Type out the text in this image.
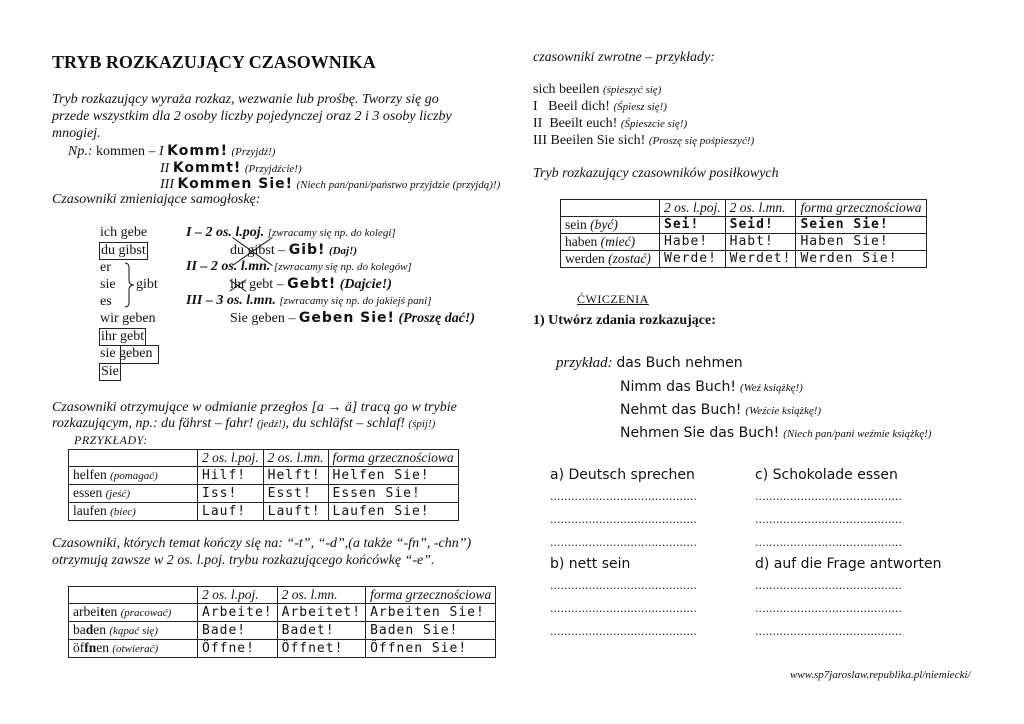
TRYB ROZKAZUJĄCY CZASOWNIKA
Tryb rozkazujący wyraża rozkaz, wezwanie lub prośbę. Tworzy się go
przede wszystkim dla 2 osoby liczby pojedynczej oraz 2 i 3 osoby liczby
mnogiej.
Np.: kommen – I Komm! (Przyjdź!)
II Kommt! (Przyjdźcie!)
III Kommen Sie! (Niech pan/pani/państwo przyjdzie (przyjdą)!)
Czasowniki zmieniające samogłoskę:
ich gebe
du gibst
er
sie
es
gibt
wir geben
ihr gebt
sie geben
Sie
I – 2 os. l.poj. [zwracamy się np. do kolegi]
du gibst – Gib! (Daj!)
II – 2 os. l.mn. [zwracamy się np. do kolegów]
ihr gebt – Gebt! (Dajcie!)
III – 3 os. l.mn. [zwracamy się np. do jakiejś pani]
Sie geben – Geben Sie! (Proszę dać!)
Czasowniki otrzymujące w odmianie przegłos [a → ä] tracą go w trybie
rozkazującym, np.: du fährst – fahr! (jedź!), du schläfst – schlaf! (śpij!)
PRZYKŁADY:
	2 os. l.poj.	2 os. l.mn.	forma grzecznościowa
helfen (pomagać)	Hilf!	Helft!	Helfen Sie!
essen (jeść)	Iss!	Esst!	Essen Sie!
laufen (biec)	Lauf!	Lauft!	Laufen Sie!
Czasowniki, których temat kończy się na: “-t”, “-d”,(a także “-fn”, -chn”)
otrzymują zawsze w 2 os. l.poj. trybu rozkazującego końcówkę “-e”.
	2 os. l.poj.	2 os. l.mn.	forma grzecznościowa
arbeiten (pracować)	Arbeite!	Arbeitet!	Arbeiten Sie!
baden (kąpać się)	Bade!	Badet!	Baden Sie!
öffnen (otwierać)	Öffne!	Öffnet!	Öffnen Sie!
czasowniki zwrotne – przykłady:
sich beeilen (śpieszyć się)
I   Beeil dich! (Śpiesz się!)
II  Beeilt euch! (Śpieszcie się!)
III Beeilen Sie sich! (Proszę się pośpieszyć!)
Tryb rozkazujący czasowników posiłkowych
	2 os. l.poj.	2 os. l.mn.	forma grzecznościowa
sein (być)	Sei!	Seid!	Seien Sie!
haben (mieć)	Habe!	Habt!	Haben Sie!
werden (zostać)	Werde!	Werdet!	Werden Sie!
ĆWICZENIA
1) Utwórz zdania rozkazujące:
przykład: das Buch nehmen
Nimm das Buch! (Weź książkę!)
Nehmt das Buch! (Weźcie książkę!)
Nehmen Sie das Buch! (Niech pan/pani weźmie książkę!)
a) Deutsch sprechen	c) Schokolade essen
..........................................	..........................................
..........................................	..........................................
..........................................	..........................................
b) nett sein	d) auf die Frage antworten
..........................................	..........................................
..........................................	..........................................
..........................................	..........................................
www.sp7jaroslaw.republika.pl/niemiecki/
